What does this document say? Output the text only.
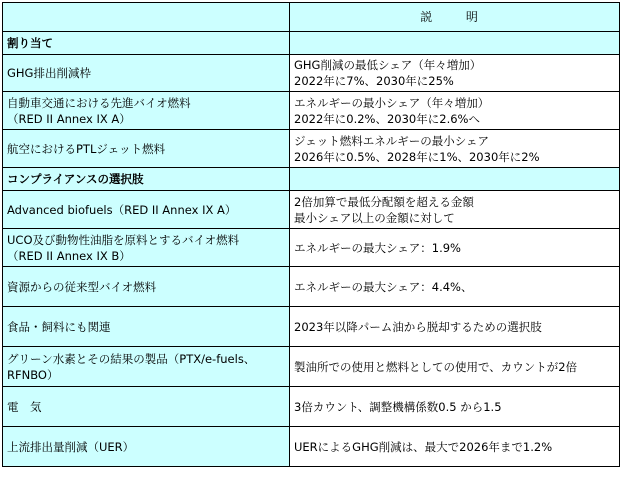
	説　明
割り当て	

GHG排出削減枠	GHG削減の最低シェア（年々増加）
2022年に7%、2030年に25%

自動車交通における先進バイオ燃料
（RED II Annex IX A）	エネルギーの最小シェア（年々増加）
2022年に0.2%、2030年に2.6%へ

航空におけるPTLジェット燃料	ジェット燃料エネルギーの最小シェア
2026年に0.5%、2028年に1%、2030年に2%

コンプライアンスの選択肢	

Advanced biofuels（RED II Annex IX A）	2倍加算で最低分配額を超える金額
最小シェア以上の金額に対して

UCO及び動物性油脂を原料とするバイオ燃料
（RED II Annex IX B）	エネルギーの最大シェア：1.9%

資源からの従来型バイオ燃料	エネルギーの最大シェア：4.4%、

食品・飼料にも関連	2023年以降パーム油から脱却するための選択肢

グリーン水素とその結果の製品（PTX/e-fuels、
RFNBO）	製油所での使用と燃料としての使用で、カウントが2倍

電　気	3倍カウント、調整機構係数0.5 から1.5

上流排出量削減（UER）	UERによるGHG削減は、最大で2026年まで1.2%
